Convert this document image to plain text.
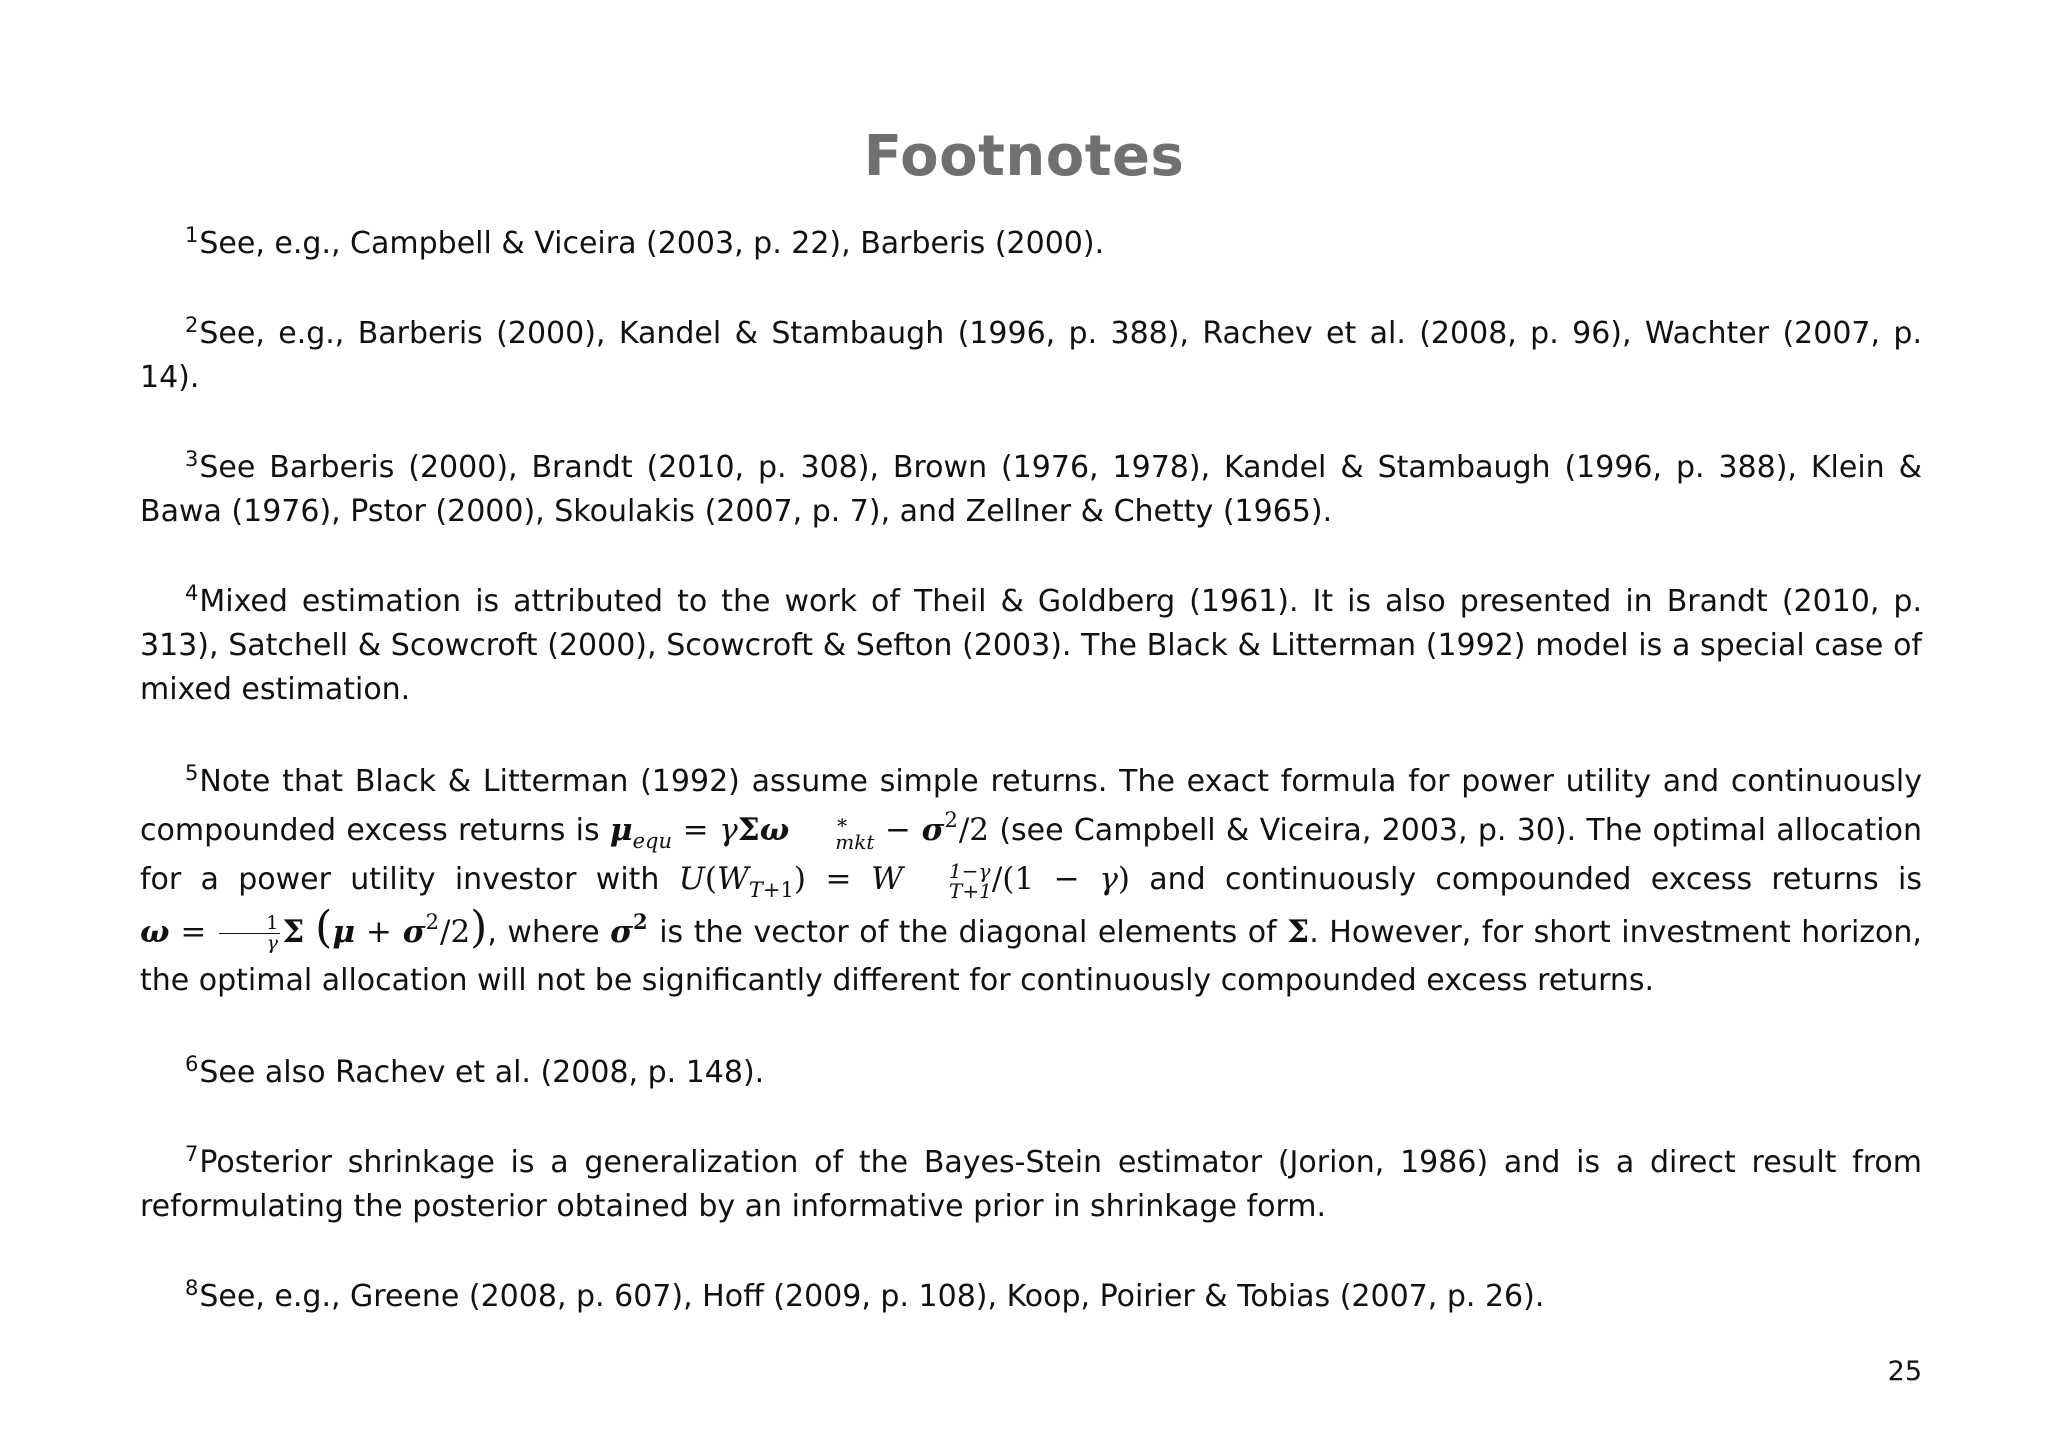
Footnotes

$^1$See, e.g., Campbell & Viceira (2003, p. 22), Barberis (2000).

$^2$See, e.g., Barberis (2000), Kandel & Stambaugh (1996, p. 388), Rachev et al. (2008, p. 96), Wachter (2007, p. 14).

$^3$See Barberis (2000), Brandt (2010, p. 308), Brown (1976, 1978), Kandel & Stambaugh (1996, p. 388), Klein & Bawa (1976), Pstor (2000), Skoulakis (2007, p. 7), and Zellner & Chetty (1965).

$^4$Mixed estimation is attributed to the work of Theil & Goldberg (1961). It is also presented in Brandt (2010, p. 313), Satchell & Scowcroft (2000), Scowcroft & Sefton (2003). The Black & Litterman (1992) model is a special case of mixed estimation.

$^5$Note that Black & Litterman (1992) assume simple returns. The exact formula for power utility and continuously compounded excess returns is $\mu_{equ} = \gamma\Sigma\omega$	∗
mkt − $\sigma^2/2$ (see Campbell & Viceira, 2003, p. 30). The optimal allocation for a power utility investor with $U(W_{T+1}) = W$	1−γ
T+1 /(1 − γ) and continuously compounded excess returns is $\omega = \frac{1}{\gamma}$ Σ $(\mu + \sigma^2/2)$, where $\sigma^2$ is the vector of the diagonal elements of Σ. However, for short investment horizon, the optimal allocation will not be significantly different for continuously compounded excess returns.

$^6$See also Rachev et al. (2008, p. 148).

$^7$Posterior shrinkage is a generalization of the Bayes-Stein estimator (Jorion, 1986) and is a direct result from reformulating the posterior obtained by an informative prior in shrinkage form.

$^8$See, e.g., Greene (2008, p. 607), Hoff (2009, p. 108), Koop, Poirier & Tobias (2007, p. 26).

25
